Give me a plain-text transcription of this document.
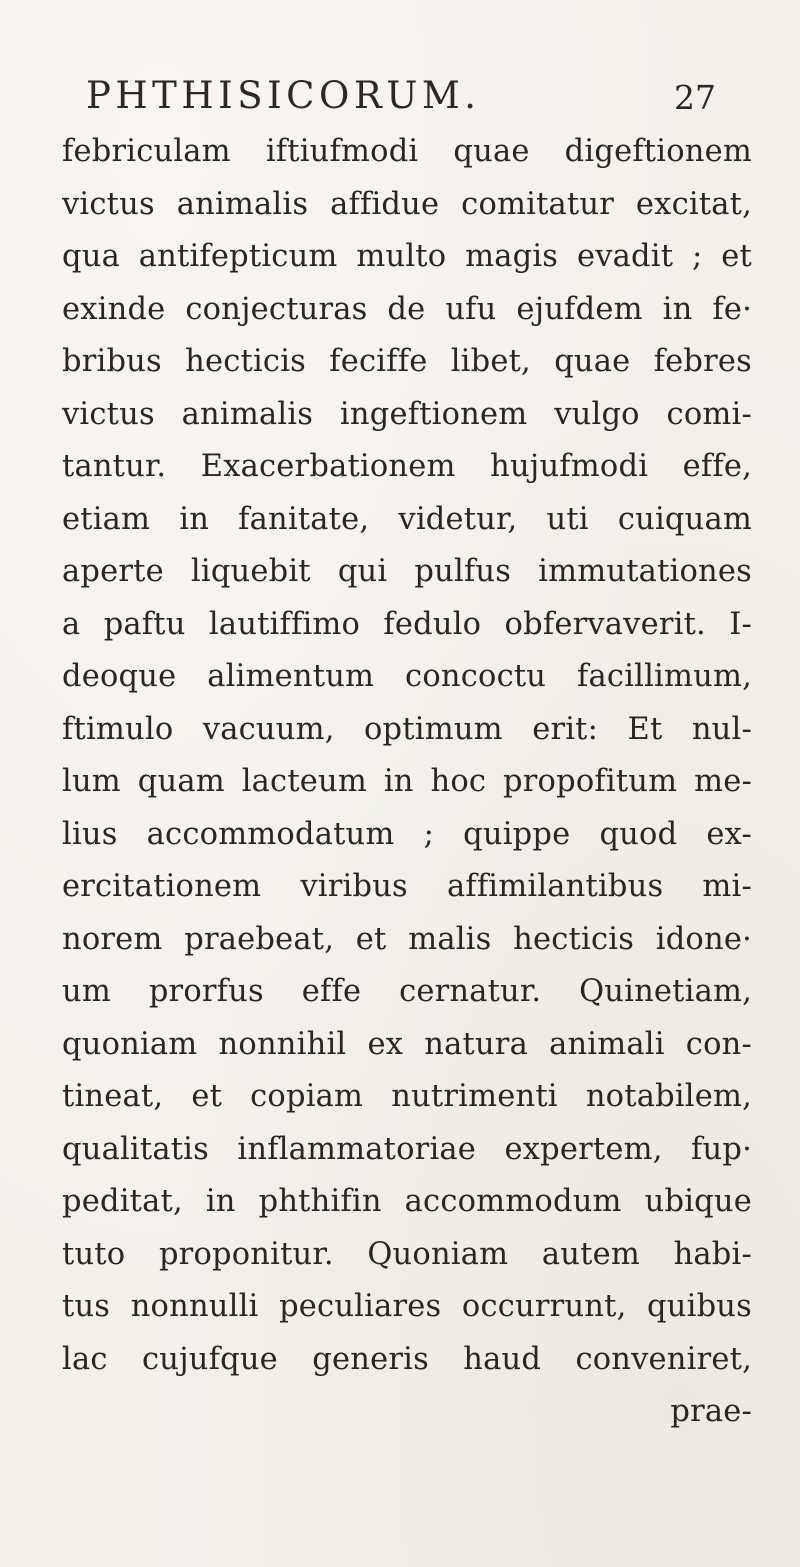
PHTHISICORUM.	27
febriculam iftiufmodi quae digeftionem
victus animalis affidue comitatur excitat,
qua antifepticum multo magis evadit ; et
exinde conjecturas de ufu ejufdem in fe·
bribus hecticis feciffe libet, quae febres
victus animalis ingeftionem vulgo comi-
tantur. Exacerbationem hujufmodi effe,
etiam in fanitate, videtur, uti cuiquam
aperte liquebit qui pulfus immutationes
a paftu lautiffimo fedulo obfervaverit. I-
deoque alimentum concoctu facillimum,
ftimulo vacuum, optimum erit: Et nul-
lum quam lacteum in hoc propofitum me-
lius accommodatum ; quippe quod ex-
ercitationem viribus affimilantibus mi-
norem praebeat, et malis hecticis idone·
um prorfus effe cernatur. Quinetiam,
quoniam nonnihil ex natura animali con-
tineat, et copiam nutrimenti notabilem,
qualitatis inflammatoriae expertem, fup·
peditat, in phthifin accommodum ubique
tuto proponitur. Quoniam autem habi-
tus nonnulli peculiares occurrunt, quibus
lac cujufque generis haud conveniret,
prae-
